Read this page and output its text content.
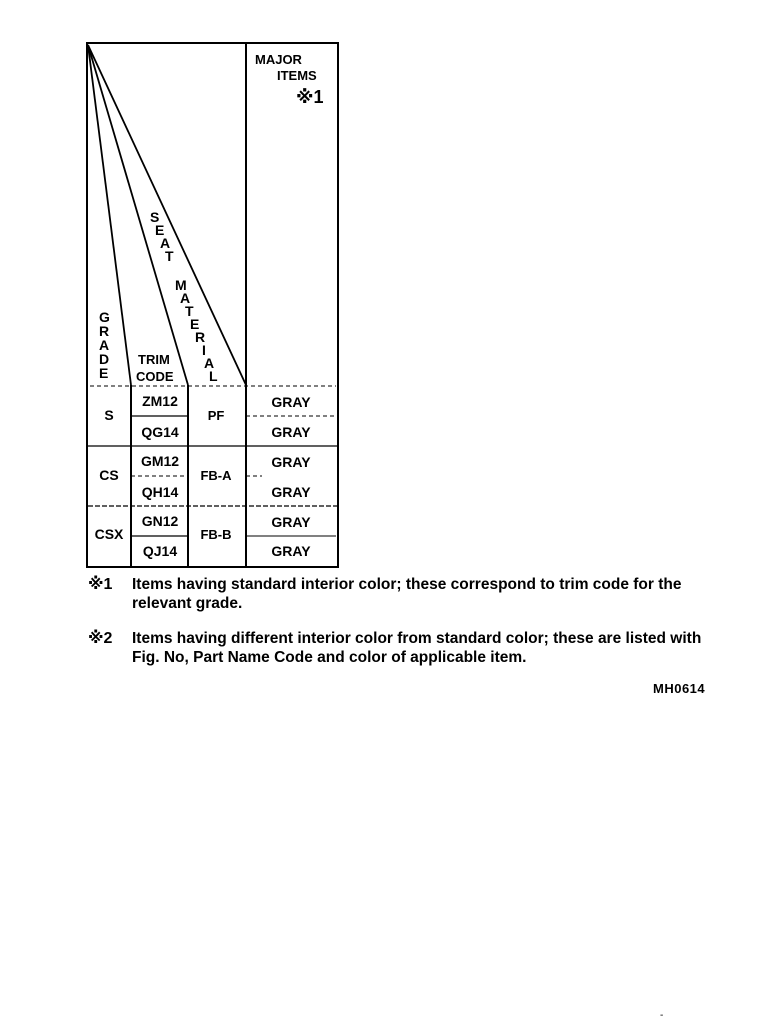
MAJOR
ITEMS
※1
G
R
A
D
E
S
E
A
T
M
A
T
E
R
I
A
L
TRIM
CODE
S
ZM12
QG14
PF
GRAY
GRAY
CS
GM12
QH14
FB-A
GRAY
GRAY
CSX
GN12
QJ14
FB-B
GRAY
GRAY
※1 Items having standard interior color; these correspond to trim code for the relevant grade.
※2 Items having different interior color from standard color; these are listed with Fig. No, Part Name Code and color of applicable item.
MH0614
-
